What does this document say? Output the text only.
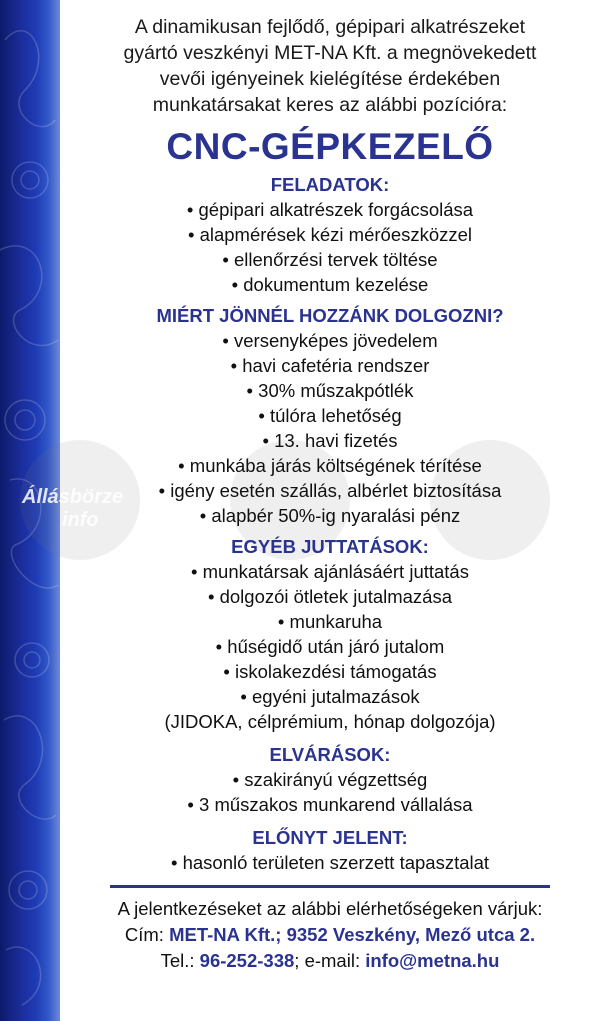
Állásbörze
info
A dinamikusan fejlődő, gépipari alkatrészeket
gyártó veszkényi MET-NA Kft. a megnövekedett
vevői igényeinek kielégítése érdekében
munkatársakat keres az alábbi pozícióra:
CNC-GÉPKEZELŐ
FELADATOK:
• gépipari alkatrészek forgácsolása
• alapmérések kézi mérőeszközzel
• ellenőrzési tervek töltése
• dokumentum kezelése
MIÉRT JÖNNÉL HOZZÁNK DOLGOZNI?
• versenyképes jövedelem
• havi cafetéria rendszer
• 30% műszakpótlék
• túlóra lehetőség
• 13. havi fizetés
• munkába járás költségének térítése
• igény esetén szállás, albérlet biztosítása
• alapbér 50%-ig nyaralási pénz
EGYÉB JUTTATÁSOK:
• munkatársak ajánlásáért juttatás
• dolgozói ötletek jutalmazása
• munkaruha
• hűségidő után járó jutalom
• iskolakezdési támogatás
• egyéni jutalmazások
(JIDOKA, célprémium, hónap dolgozója)
ELVÁRÁSOK:
• szakirányú végzettség
• 3 műszakos munkarend vállalása
ELŐNYT JELENT:
• hasonló területen szerzett tapasztalat
A jelentkezéseket az alábbi elérhetőségeken várjuk:
Cím: MET-NA Kft.; 9352 Veszkény, Mező utca 2.
Tel.: 96-252-338; e-mail: info@metna.hu
